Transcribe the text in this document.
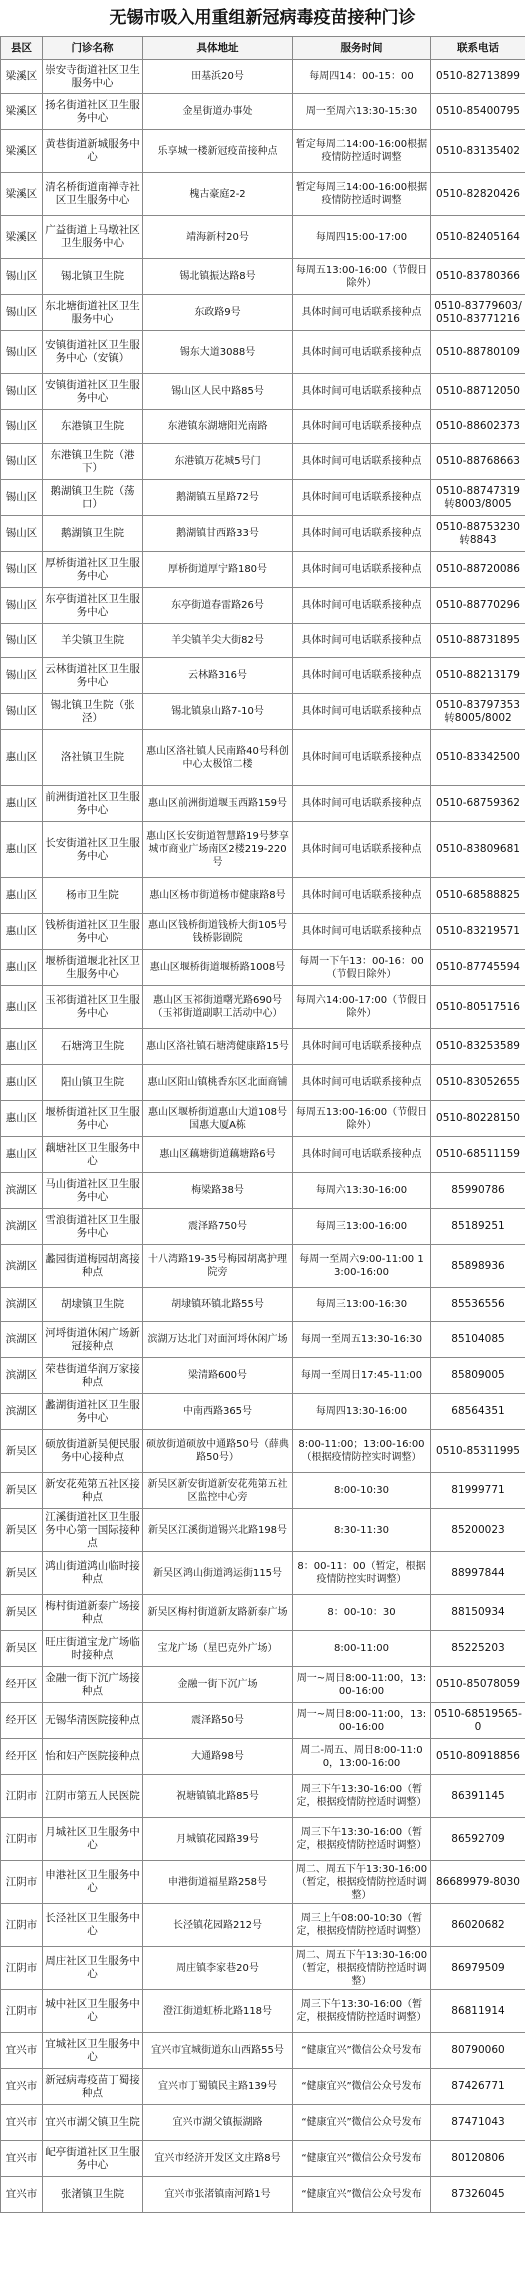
无锡市吸入用重组新冠病毒疫苗接种门诊
县区	门诊名称	具体地址	服务时间	联系电话
梁溪区	崇安寺街道社区卫生服务中心	田基浜20号	每周四14：00-15：00	0510-82713899
梁溪区	扬名街道社区卫生服务中心	金星街道办事处	周一至周六13:30-15:30	0510-85400795
梁溪区	黄巷街道新城服务中心	乐享城一楼新冠疫苗接种点	暂定每周二14:00-16:00根据疫情防控适时调整	0510-83135402
梁溪区	清名桥街道南禅寺社区卫生服务中心	槐古豪庭2-2	暂定每周三14:00-16:00根据疫情防控适时调整	0510-82820426
梁溪区	广益街道上马墩社区卫生服务中心	靖海新村20号	每周四15:00-17:00	0510-82405164
锡山区	锡北镇卫生院	锡北镇振达路8号	每周五13:00-16:00（节假日除外）	0510-83780366
锡山区	东北塘街道社区卫生服务中心	东政路9号	具体时间可电话联系接种点	0510-83779603/0510-83771216
锡山区	安镇街道社区卫生服务中心（安镇）	锡东大道3088号	具体时间可电话联系接种点	0510-88780109
锡山区	安镇街道社区卫生服务中心	锡山区人民中路85号	具体时间可电话联系接种点	0510-88712050
锡山区	东港镇卫生院	东港镇东湖塘阳光南路	具体时间可电话联系接种点	0510-88602373
锡山区	东港镇卫生院（港下）	东港镇万花城5号门	具体时间可电话联系接种点	0510-88768663
锡山区	鹅湖镇卫生院（荡口）	鹅湖镇五星路72号	具体时间可电话联系接种点	0510-88747319转8003/8005
锡山区	鹅湖镇卫生院	鹅湖镇甘西路33号	具体时间可电话联系接种点	0510-88753230转8843
锡山区	厚桥街道社区卫生服务中心	厚桥街道厚宁路180号	具体时间可电话联系接种点	0510-88720086
锡山区	东亭街道社区卫生服务中心	东亭街道春雷路26号	具体时间可电话联系接种点	0510-88770296
锡山区	羊尖镇卫生院	羊尖镇羊尖大街82号	具体时间可电话联系接种点	0510-88731895
锡山区	云林街道社区卫生服务中心	云林路316号	具体时间可电话联系接种点	0510-88213179
锡山区	锡北镇卫生院（张泾）	锡北镇泉山路7-10号	具体时间可电话联系接种点	0510-83797353转8005/8002
惠山区	洛社镇卫生院	惠山区洛社镇人民南路40号科创中心太极馆二楼	具体时间可电话联系接种点	0510-83342500
惠山区	前洲街道社区卫生服务中心	惠山区前洲街道堰玉西路159号	具体时间可电话联系接种点	0510-68759362
惠山区	长安街道社区卫生服务中心	惠山区长安街道智慧路19号梦享城市商业广场南区2楼219-220号	具体时间可电话联系接种点	0510-83809681
惠山区	杨市卫生院	惠山区杨市街道杨市健康路8号	具体时间可电话联系接种点	0510-68588825
惠山区	钱桥街道社区卫生服务中心	惠山区钱桥街道钱桥大街105号钱桥影剧院	具体时间可电话联系接种点	0510-83219571
惠山区	堰桥街道堰北社区卫生服务中心	惠山区堰桥街道堰桥路1008号	每周一下午13：00-16：00（节假日除外）	0510-87745594
惠山区	玉祁街道社区卫生服务中心	惠山区玉祁街道曙光路690号（玉祁街道副职工活动中心）	每周六14:00-17:00（节假日除外）	0510-80517516
惠山区	石塘湾卫生院	惠山区洛社镇石塘湾健康路15号	具体时间可电话联系接种点	0510-83253589
惠山区	阳山镇卫生院	惠山区阳山镇桃香东区北面商铺	具体时间可电话联系接种点	0510-83052655
惠山区	堰桥街道社区卫生服务中心	惠山区堰桥街道惠山大道108号国惠大厦A栋	每周五13:00-16:00（节假日除外）	0510-80228150
惠山区	藕塘社区卫生服务中心	惠山区藕塘街道藕塘路6号	具体时间可电话联系接种点	0510-68511159
滨湖区	马山街道社区卫生服务中心	梅梁路38号	每周六13:30-16:00	85990786
滨湖区	雪浪街道社区卫生服务中心	震泽路750号	每周三13:00-16:00	85189251
滨湖区	蠡园街道梅园胡离接种点	十八湾路19-35号梅园胡离护理院旁	每周一至周六9:00-11:00 13:00-16:00	85898936
滨湖区	胡埭镇卫生院	胡埭镇环镇北路55号	每周三13:00-16:30	85536556
滨湖区	河埒街道休闲广场新冠接种点	滨湖万达北门对面河埒休闲广场	每周一至周五13:30-16:30	85104085
滨湖区	荣巷街道华润万家接种点	梁清路600号	每周一至周日17:45-11:00	85809005
滨湖区	蠡湖街道社区卫生服务中心	中南西路365号	每周四13:30-16:00	68564351
新吴区	硕放街道新吴便民服务中心接种点	硕放街道硕放中通路50号（薛典路50号）	8:00-11:00；13:00-16:00（根据疫情防控实时调整）	0510-85311995
新吴区	新安花苑第五社区接种点	新吴区新安街道新安花苑第五社区监控中心旁	8:00-10:30	81999771
新吴区	江溪街道社区卫生服务中心第一国际接种点	新吴区江溪街道锡兴北路198号	8:30-11:30	85200023
新吴区	鸿山街道鸿山临时接种点	新吴区鸿山街道鸿运街115号	8：00-11：00（暂定，根据疫情防控实时调整）	88997844
新吴区	梅村街道新泰广场接种点	新吴区梅村街道新友路新泰广场	8：00-10：30	88150934
新吴区	旺庄街道宝龙广场临时接种点	宝龙广场（星巴克外广场）	8:00-11:00	85225203
经开区	金融一街下沉广场接种点	金融一街下沉广场	周一~周日8:00-11:00，13:00-16:00	0510-85078059
经开区	无锡华清医院接种点	震泽路50号	周一~周日8:00-11:00，13:00-16:00	0510-68519565-0
经开区	怡和妇产医院接种点	大通路98号	周二-周五、周日8:00-11:00，13:00-16:00	0510-80918856
江阴市	江阴市第五人民医院	祝塘镇镇北路85号	周三下午13:30-16:00（暂定，根据疫情防控适时调整）	86391145
江阴市	月城社区卫生服务中心	月城镇花园路39号	周三下午13:30-16:00（暂定，根据疫情防控适时调整）	86592709
江阴市	申港社区卫生服务中心	申港街道福星路258号	周二、周五下午13:30-16:00（暂定，根据疫情防控适时调整）	86689979-8030
江阴市	长泾社区卫生服务中心	长泾镇花园路212号	周三上午08:00-10:30（暂定，根据疫情防控适时调整）	86020682
江阴市	周庄社区卫生服务中心	周庄镇李家巷20号	周二、周五下午13:30-16:00（暂定，根据疫情防控适时调整）	86979509
江阴市	城中社区卫生服务中心	澄江街道虹桥北路118号	周三下午13:30-16:00（暂定，根据疫情防控适时调整）	86811914
宜兴市	宜城社区卫生服务中心	宜兴市宜城街道东山西路55号	“健康宜兴”微信公众号发布	80790060
宜兴市	新冠病毒疫苗丁蜀接种点	宜兴市丁蜀镇民主路139号	“健康宜兴”微信公众号发布	87426771
宜兴市	宜兴市湖父镇卫生院	宜兴市湖父镇振湖路	“健康宜兴”微信公众号发布	87471043
宜兴市	屺亭街道社区卫生服务中心	宜兴市经济开发区文庄路8号	“健康宜兴”微信公众号发布	80120806
宜兴市	张渚镇卫生院	宜兴市张渚镇南河路1号	“健康宜兴”微信公众号发布	87326045
